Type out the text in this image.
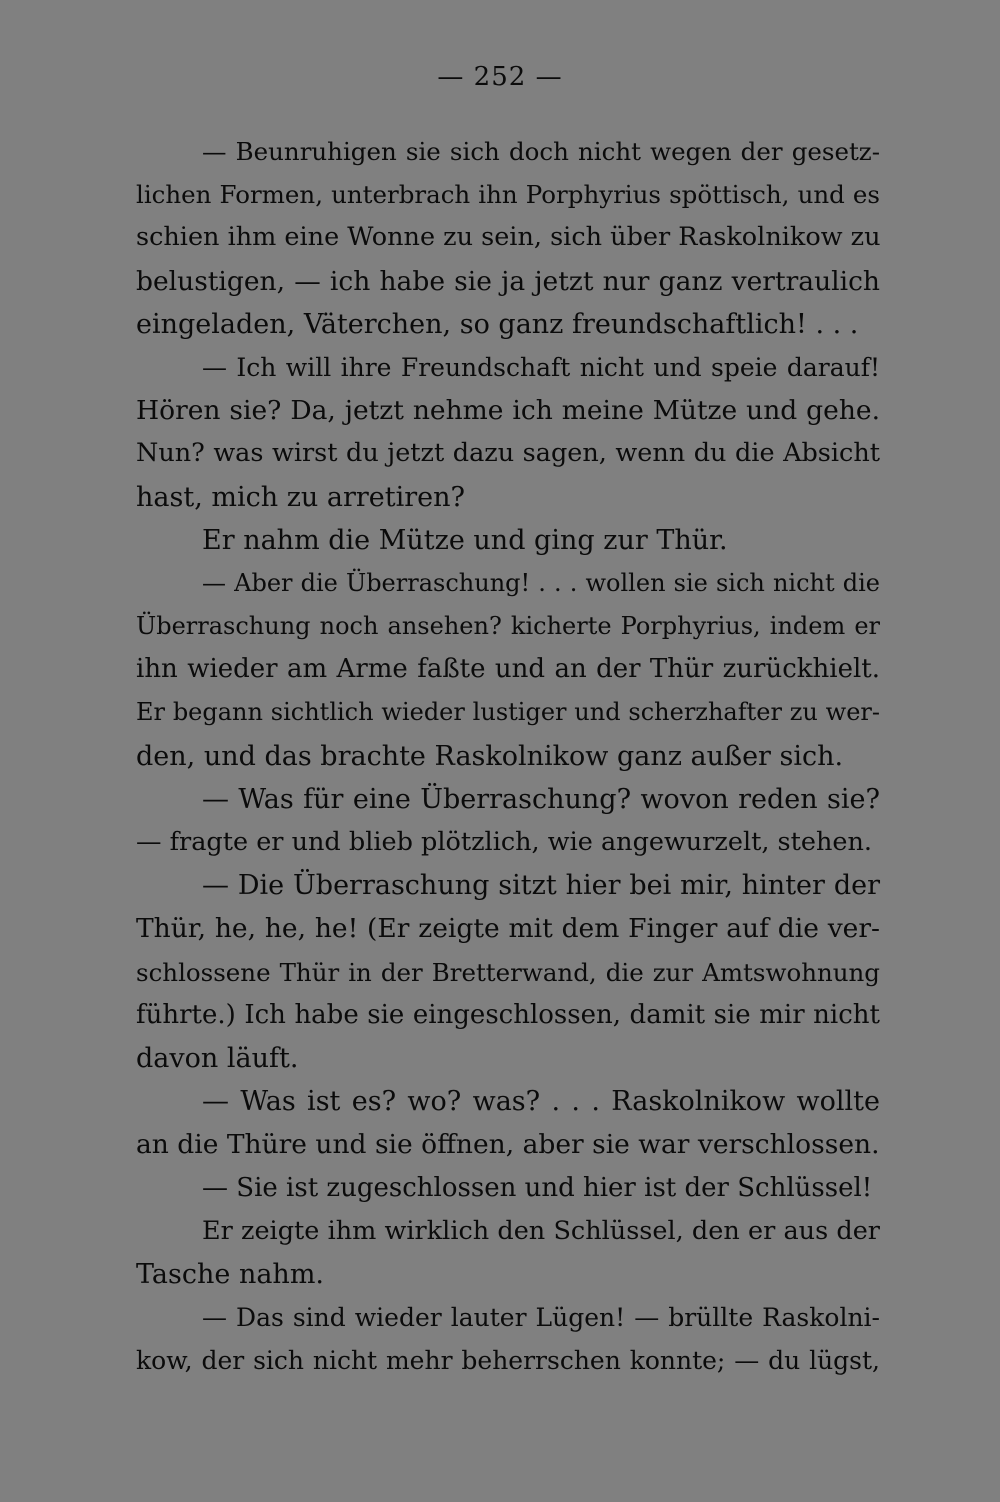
— 252 —
— Beunruhigen sie sich doch nicht wegen der gesetz-
lichen Formen, unterbrach ihn Porphyrius spöttisch, und es
schien ihm eine Wonne zu sein, sich über Raskolnikow zu
belustigen, — ich habe sie ja jetzt nur ganz vertraulich
eingeladen, Väterchen, so ganz freundschaftlich! . . .
— Ich will ihre Freundschaft nicht und speie darauf!
Hören sie? Da, jetzt nehme ich meine Mütze und gehe.
Nun? was wirst du jetzt dazu sagen, wenn du die Absicht
hast, mich zu arretiren?
Er nahm die Mütze und ging zur Thür.
— Aber die Überraschung! . . . wollen sie sich nicht die
Überraschung noch ansehen? kicherte Porphyrius, indem er
ihn wieder am Arme faßte und an der Thür zurückhielt.
Er begann sichtlich wieder lustiger und scherzhafter zu wer-
den, und das brachte Raskolnikow ganz außer sich.
— Was für eine Überraschung? wovon reden sie?
— fragte er und blieb plötzlich, wie angewurzelt, stehen.
— Die Überraschung sitzt hier bei mir, hinter der
Thür, he, he, he! (Er zeigte mit dem Finger auf die ver-
schlossene Thür in der Bretterwand, die zur Amtswohnung
führte.) Ich habe sie eingeschlossen, damit sie mir nicht
davon läuft.
— Was ist es? wo? was? . . . Raskolnikow wollte
an die Thüre und sie öffnen, aber sie war verschlossen.
— Sie ist zugeschlossen und hier ist der Schlüssel!
Er zeigte ihm wirklich den Schlüssel, den er aus der
Tasche nahm.
— Das sind wieder lauter Lügen! — brüllte Raskolni-
kow, der sich nicht mehr beherrschen konnte; — du lügst,
